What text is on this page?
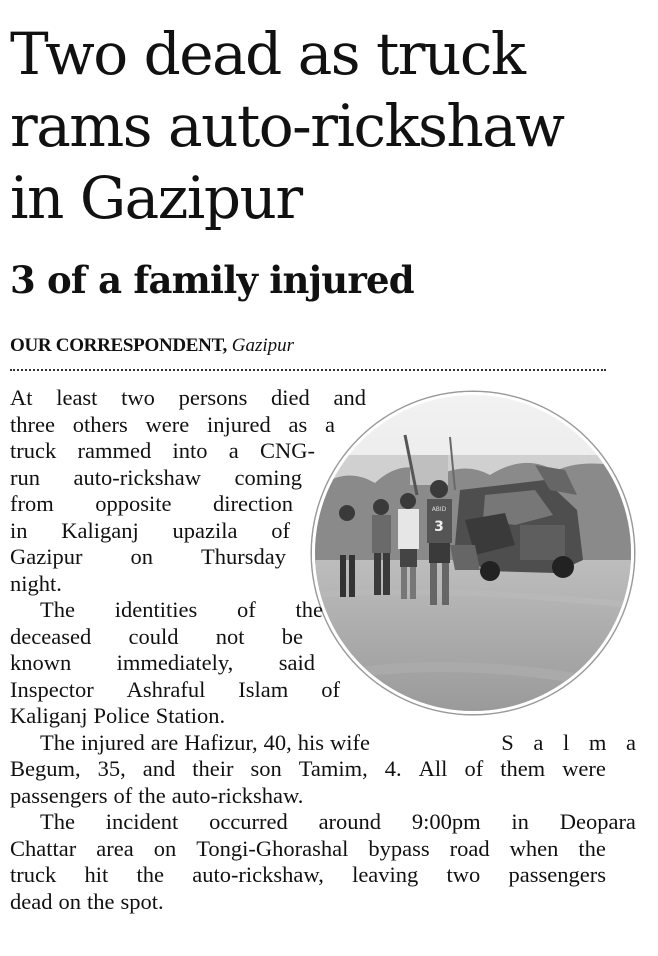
Two dead as truck
rams auto-rickshaw
in Gazipur
3 of a family injured
OUR CORRESPONDENT, Gazipur
3
ABID
At least two persons died and
three others were injured as a
truck rammed into a CNG-
run auto-rickshaw coming
from opposite direction
in Kaliganj upazila of
Gazipur on Thursday
night.
The identities of the
deceased could not be
known immediately, said
Inspector Ashraful Islam of
Kaliganj Police Station.
The injured are Hafizur, 40, his wife	S a l m a
Begum, 35, and their son Tamim, 4. All of them were
passengers of the auto-rickshaw.
The incident occurred around 9:00pm in Deopara
Chattar area on Tongi-Ghorashal bypass road when the
truck hit the auto-rickshaw, leaving two passengers
dead on the spot.
